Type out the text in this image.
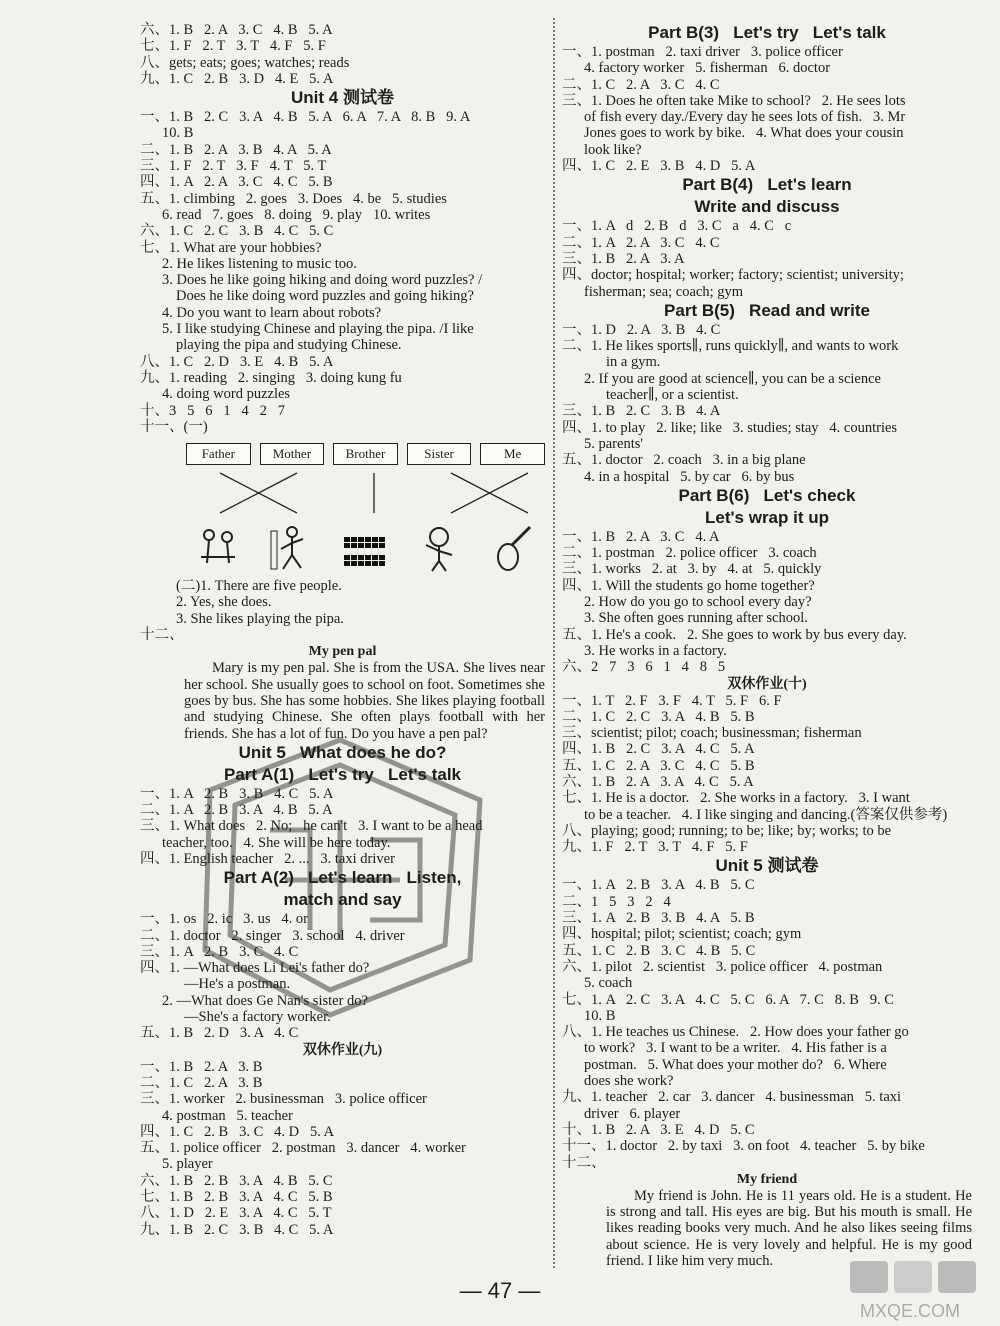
六、1. B   2. A   3. C   4. B   5. A
七、1. F   2. T   3. T   4. F   5. F
八、gets; eats; goes; watches; reads
九、1. C   2. B   3. D   4. E   5. A
Unit 4 测试卷
一、1. B   2. C   3. A   4. B   5. A   6. A   7. A   8. B   9. A
10. B
二、1. B   2. A   3. B   4. A   5. A
三、1. F   2. T   3. F   4. T   5. T
四、1. A   2. A   3. C   4. C   5. B
五、1. climbing   2. goes   3. Does   4. be   5. studies
6. read   7. goes   8. doing   9. play   10. writes
六、1. C   2. C   3. B   4. C   5. C
七、1. What are your hobbies?
2. He likes listening to music too.
3. Does he like going hiking and doing word puzzles? /
Does he like doing word puzzles and going hiking?
4. Do you want to learn about robots?
5. I like studying Chinese and playing the pipa. /I like
playing the pipa and studying Chinese.
八、1. C   2. D   3. E   4. B   5. A
九、1. reading   2. singing   3. doing kung fu
4. doing word puzzles
十、3   5   6   1   4   2   7
十一、(一)
Father	Mother	Brother	Sister	Me
(二)1. There are five people.
2. Yes, she does.
3. She likes playing the pipa.
十二、
My pen pal
Mary is my pen pal. She is from the USA. She lives near her school. She usually goes to school on foot. Sometimes she goes by bus. She has some hobbies. She likes playing football and studying Chinese. She often plays football with her friends. She has a lot of fun. Do you have a pen pal?
Unit 5   What does he do?
Part A(1)   Let's try   Let's talk
一、1. A   2. B   3. B   4. C   5. A
二、1. A   2. B   3. A   4. B   5. A
三、1. What does   2. No;   he can't   3. I want to be a head
teacher, too.   4. She will be here today.
四、1. English teacher   2. ...   3. taxi driver
Part A(2)   Let's learn   Listen,
match and say
一、1. os   2. ic   3. us   4. or
二、1. doctor   2. singer   3. school   4. driver
三、1. A   2. B   3. C   4. C
四、1. —What does Li Lei's father do?
—He's a postman.
2. —What does Ge Nan's sister do?
—She's a factory worker.
五、1. B   2. D   3. A   4. C
双休作业(九)
一、1. B   2. A   3. B
二、1. C   2. A   3. B
三、1. worker   2. businessman   3. police officer
4. postman   5. teacher
四、1. C   2. B   3. C   4. D   5. A
五、1. police officer   2. postman   3. dancer   4. worker
5. player
六、1. B   2. B   3. A   4. B   5. C
七、1. B   2. B   3. A   4. C   5. B
八、1. D   2. E   3. A   4. C   5. T
九、1. B   2. C   3. B   4. C   5. A
Part B(3)   Let's try   Let's talk
一、1. postman   2. taxi driver   3. police officer
4. factory worker   5. fisherman   6. doctor
二、1. C   2. A   3. C   4. C
三、1. Does he often take Mike to school?   2. He sees lots
of fish every day./Every day he sees lots of fish.   3. Mr
Jones goes to work by bike.   4. What does your cousin
look like?
四、1. C   2. E   3. B   4. D   5. A
Part B(4)   Let's learn
Write and discuss
一、1. A   d   2. B   d   3. C   a   4. C   c
二、1. A   2. A   3. C   4. C
三、1. B   2. A   3. A
四、doctor; hospital; worker; factory; scientist; university;
fisherman; sea; coach; gym
Part B(5)   Read and write
一、1. D   2. A   3. B   4. C
二、1. He likes sports∥, runs quickly∥, and wants to work
in a gym.
2. If you are good at science∥, you can be a science
teacher∥, or a scientist.
三、1. B   2. C   3. B   4. A
四、1. to play   2. like; like   3. studies; stay   4. countries
5. parents'
五、1. doctor   2. coach   3. in a big plane
4. in a hospital   5. by car   6. by bus
Part B(6)   Let's check
Let's wrap it up
一、1. B   2. A   3. C   4. A
二、1. postman   2. police officer   3. coach
三、1. works   2. at   3. by   4. at   5. quickly
四、1. Will the students go home together?
2. How do you go to school every day?
3. She often goes running after school.
五、1. He's a cook.   2. She goes to work by bus every day.
3. He works in a factory.
六、2   7   3   6   1   4   8   5
双休作业(十)
一、1. T   2. F   3. F   4. T   5. F   6. F
二、1. C   2. C   3. A   4. B   5. B
三、scientist; pilot; coach; businessman; fisherman
四、1. B   2. C   3. A   4. C   5. A
五、1. C   2. A   3. C   4. C   5. B
六、1. B   2. A   3. A   4. C   5. A
七、1. He is a doctor.   2. She works in a factory.   3. I want
to be a teacher.   4. I like singing and dancing.(答案仅供参考)
八、playing; good; running; to be; like; by; works; to be
九、1. F   2. T   3. T   4. F   5. F
Unit 5 测试卷
一、1. A   2. B   3. A   4. B   5. C
二、1   5   3   2   4
三、1. A   2. B   3. B   4. A   5. B
四、hospital; pilot; scientist; coach; gym
五、1. C   2. B   3. C   4. B   5. C
六、1. pilot   2. scientist   3. police officer   4. postman
5. coach
七、1. A   2. C   3. A   4. C   5. C   6. A   7. C   8. B   9. C
10. B
八、1. He teaches us Chinese.   2. How does your father go
to work?   3. I want to be a writer.   4. His father is a
postman.   5. What does your mother do?   6. Where
does she work?
九、1. teacher   2. car   3. dancer   4. businessman   5. taxi
driver   6. player
十、1. B   2. A   3. E   4. D   5. C
十一、1. doctor   2. by taxi   3. on foot   4. teacher   5. by bike
十二、
My friend
My friend is John. He is 11 years old. He is a student. He is strong and tall. His eyes are big. But his mouth is small. He likes reading books very much. And he also likes seeing films about science. He is very lovely and helpful. He is my good friend. I like him very much.
MXQE.COM
— 47 —
